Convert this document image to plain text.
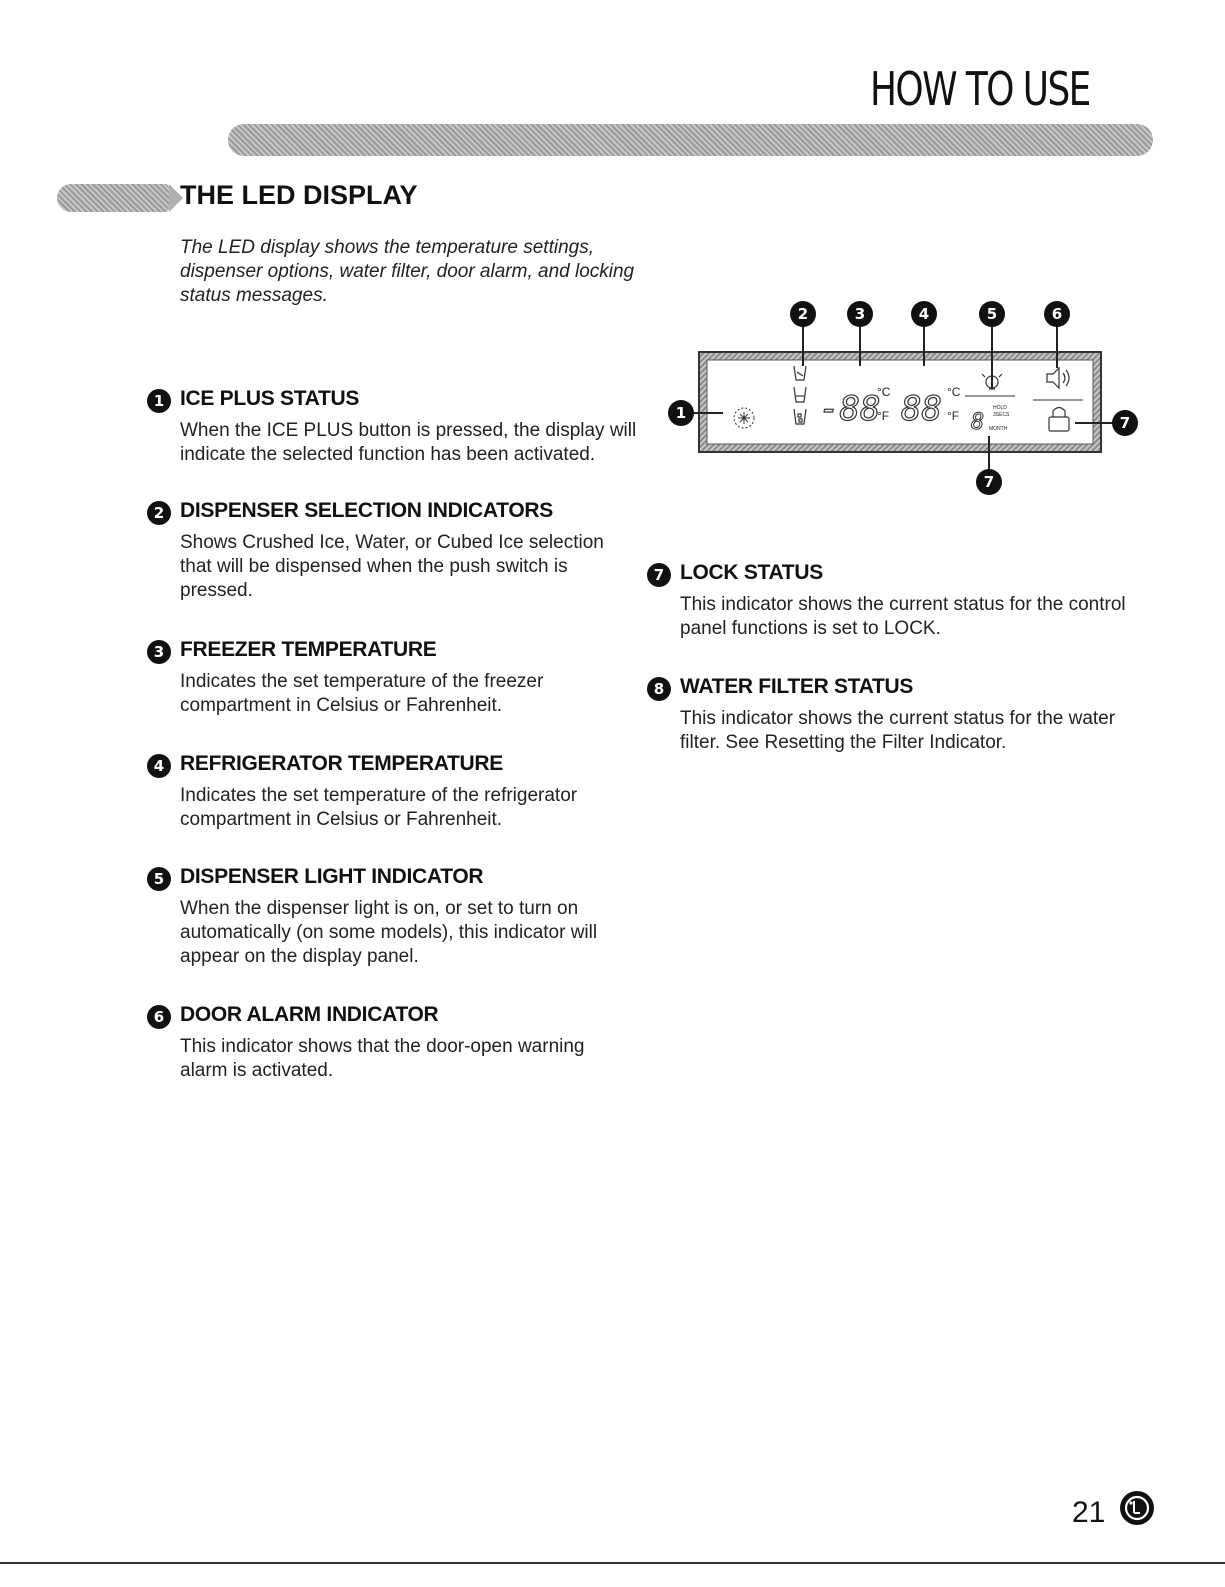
HOW TO USE
THE LED DISPLAY
The LED display shows the temperature settings, dispenser options, water filter, door alarm, and locking status messages.
1 ICE PLUS STATUS
When the ICE PLUS button is pressed, the display will indicate the selected function has been activated.
2 DISPENSER SELECTION INDICATORS
Shows Crushed Ice, Water, or Cubed Ice selection that will be dispensed when the push switch is pressed.
3 FREEZER TEMPERATURE
Indicates the set temperature of the freezer compartment in Celsius or Fahrenheit.
4 REFRIGERATOR TEMPERATURE
Indicates the set temperature of the refrigerator compartment in Celsius or Fahrenheit.
5 DISPENSER LIGHT INDICATOR
When the dispenser light is on, or set to turn on automatically (on some models), this indicator will appear on the display panel.
6 DOOR ALARM INDICATOR
This indicator shows that the door-open warning alarm is activated.
7 LOCK STATUS
This indicator shows the current status for the control panel functions is set to LOCK.
8 WATER FILTER STATUS
This indicator shows the current status for the water filter. See Resetting the Filter Indicator.
2	3	4	5	6
1
7
7
-88
°C
°F 88 °C
°F 8
HOLD
3SECS
MONTH
21
